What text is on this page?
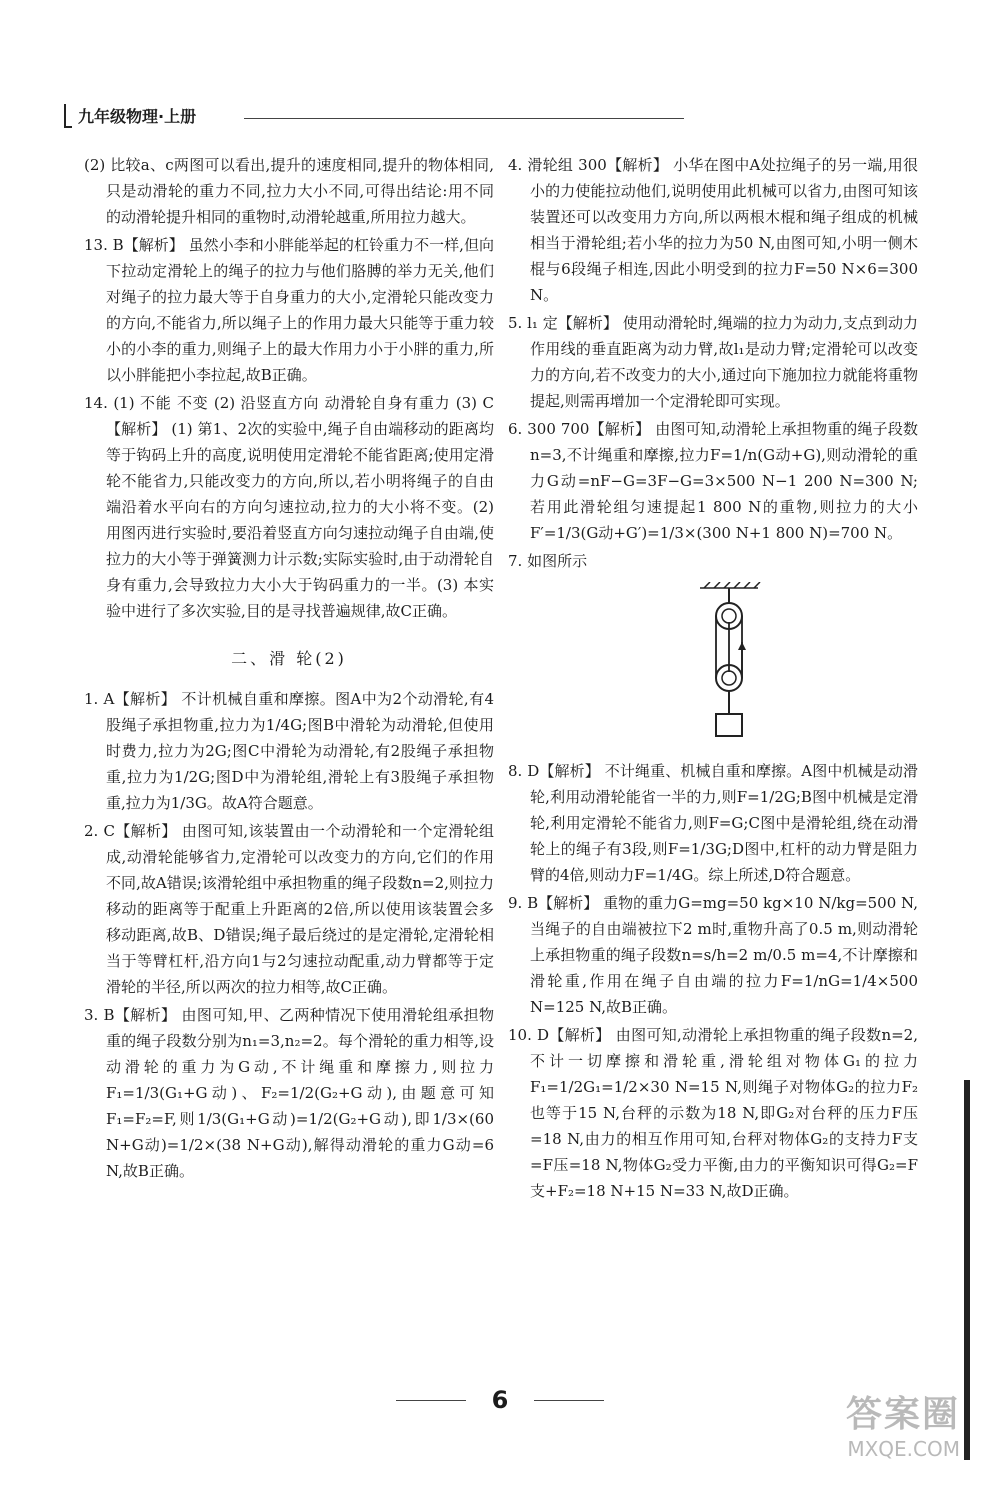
九年级物理·上册

(2) 比较a、c两图可以看出,提升的速度相同,提升的物体相同,只是动滑轮的重力不同,拉力大小不同,可得出结论:用不同的动滑轮提升相同的重物时,动滑轮越重,所用拉力越大。

13. B【解析】 虽然小李和小胖能举起的杠铃重力不一样,但向下拉动定滑轮上的绳子的拉力与他们胳膊的举力无关,他们对绳子的拉力最大等于自身重力的大小,定滑轮只能改变力的方向,不能省力,所以绳子上的作用力最大只能等于重力较小的小李的重力,则绳子上的最大作用力小于小胖的重力,所以小胖能把小李拉起,故B正确。

14. (1) 不能 不变 (2) 沿竖直方向 动滑轮自身有重力 (3) C【解析】 (1) 第1、2次的实验中,绳子自由端移动的距离均等于钩码上升的高度,说明使用定滑轮不能省距离;使用定滑轮不能省力,只能改变力的方向,所以,若小明将绳子的自由端沿着水平向右的方向匀速拉动,拉力的大小将不变。(2) 用图丙进行实验时,要沿着竖直方向匀速拉动绳子自由端,使拉力的大小等于弹簧测力计示数;实际实验时,由于动滑轮自身有重力,会导致拉力大小大于钩码重力的一半。(3) 本实验中进行了多次实验,目的是寻找普遍规律,故C正确。

二、滑 轮(2)

1. A【解析】 不计机械自重和摩擦。图A中为2个动滑轮,有4股绳子承担物重,拉力为1/4G;图B中滑轮为动滑轮,但使用时费力,拉力为2G;图C中滑轮为动滑轮,有2股绳子承担物重,拉力为1/2G;图D中为滑轮组,滑轮上有3股绳子承担物重,拉力为1/3G。故A符合题意。

2. C【解析】 由图可知,该装置由一个动滑轮和一个定滑轮组成,动滑轮能够省力,定滑轮可以改变力的方向,它们的作用不同,故A错误;该滑轮组中承担物重的绳子段数n=2,则拉力移动的距离等于配重上升距离的2倍,所以使用该装置会多移动距离,故B、D错误;绳子最后绕过的是定滑轮,定滑轮相当于等臂杠杆,沿方向1与2匀速拉动配重,动力臂都等于定滑轮的半径,所以两次的拉力相等,故C正确。

3. B【解析】 由图可知,甲、乙两种情况下使用滑轮组承担物重的绳子段数分别为n₁=3,n₂=2。每个滑轮的重力相等,设动滑轮的重力为G动,不计绳重和摩擦力,则拉力F₁=1/3(G₁+G动)、F₂=1/2(G₂+G动),由题意可知F₁=F₂=F,则1/3(G₁+G动)=1/2(G₂+G动),即1/3×(60 N+G动)=1/2×(38 N+G动),解得动滑轮的重力G动=6 N,故B正确。

4. 滑轮组 300【解析】 小华在图中A处拉绳子的另一端,用很小的力使能拉动他们,说明使用此机械可以省力,由图可知该装置还可以改变用力方向,所以两根木棍和绳子组成的机械相当于滑轮组;若小华的拉力为50 N,由图可知,小明一侧木棍与6段绳子相连,因此小明受到的拉力F=50 N×6=300 N。

5. l₁ 定【解析】 使用动滑轮时,绳端的拉力为动力,支点到动力作用线的垂直距离为动力臂,故l₁是动力臂;定滑轮可以改变力的方向,若不改变力的大小,通过向下施加拉力就能将重物提起,则需再增加一个定滑轮即可实现。

6. 300 700【解析】 由图可知,动滑轮上承担物重的绳子段数n=3,不计绳重和摩擦,拉力F=1/n(G动+G),则动滑轮的重力G动=nF−G=3F−G=3×500 N−1 200 N=300 N;若用此滑轮组匀速提起1 800 N的重物,则拉力的大小F′=1/3(G动+G′)=1/3×(300 N+1 800 N)=700 N。

7. 如图所示

8. D【解析】 不计绳重、机械自重和摩擦。A图中机械是动滑轮,利用动滑轮能省一半的力,则F=1/2G;B图中机械是定滑轮,利用定滑轮不能省力,则F=G;C图中是滑轮组,绕在动滑轮上的绳子有3段,则F=1/3G;D图中,杠杆的动力臂是阻力臂的4倍,则动力F=1/4G。综上所述,D符合题意。

9. B【解析】 重物的重力G=mg=50 kg×10 N/kg=500 N,当绳子的自由端被拉下2 m时,重物升高了0.5 m,则动滑轮上承担物重的绳子段数n=s/h=2 m/0.5 m=4,不计摩擦和滑轮重,作用在绳子自由端的拉力F=1/nG=1/4×500 N=125 N,故B正确。

10. D【解析】 由图可知,动滑轮上承担物重的绳子段数n=2,不计一切摩擦和滑轮重,滑轮组对物体G₁的拉力F₁=1/2G₁=1/2×30 N=15 N,则绳子对物体G₂的拉力F₂也等于15 N,台秤的示数为18 N,即G₂对台秤的压力F压=18 N,由力的相互作用可知,台秤对物体G₂的支持力F支=F压=18 N,物体G₂受力平衡,由力的平衡知识可得G₂=F支+F₂=18 N+15 N=33 N,故D正确。

6	答案圈
MXQE.COM
